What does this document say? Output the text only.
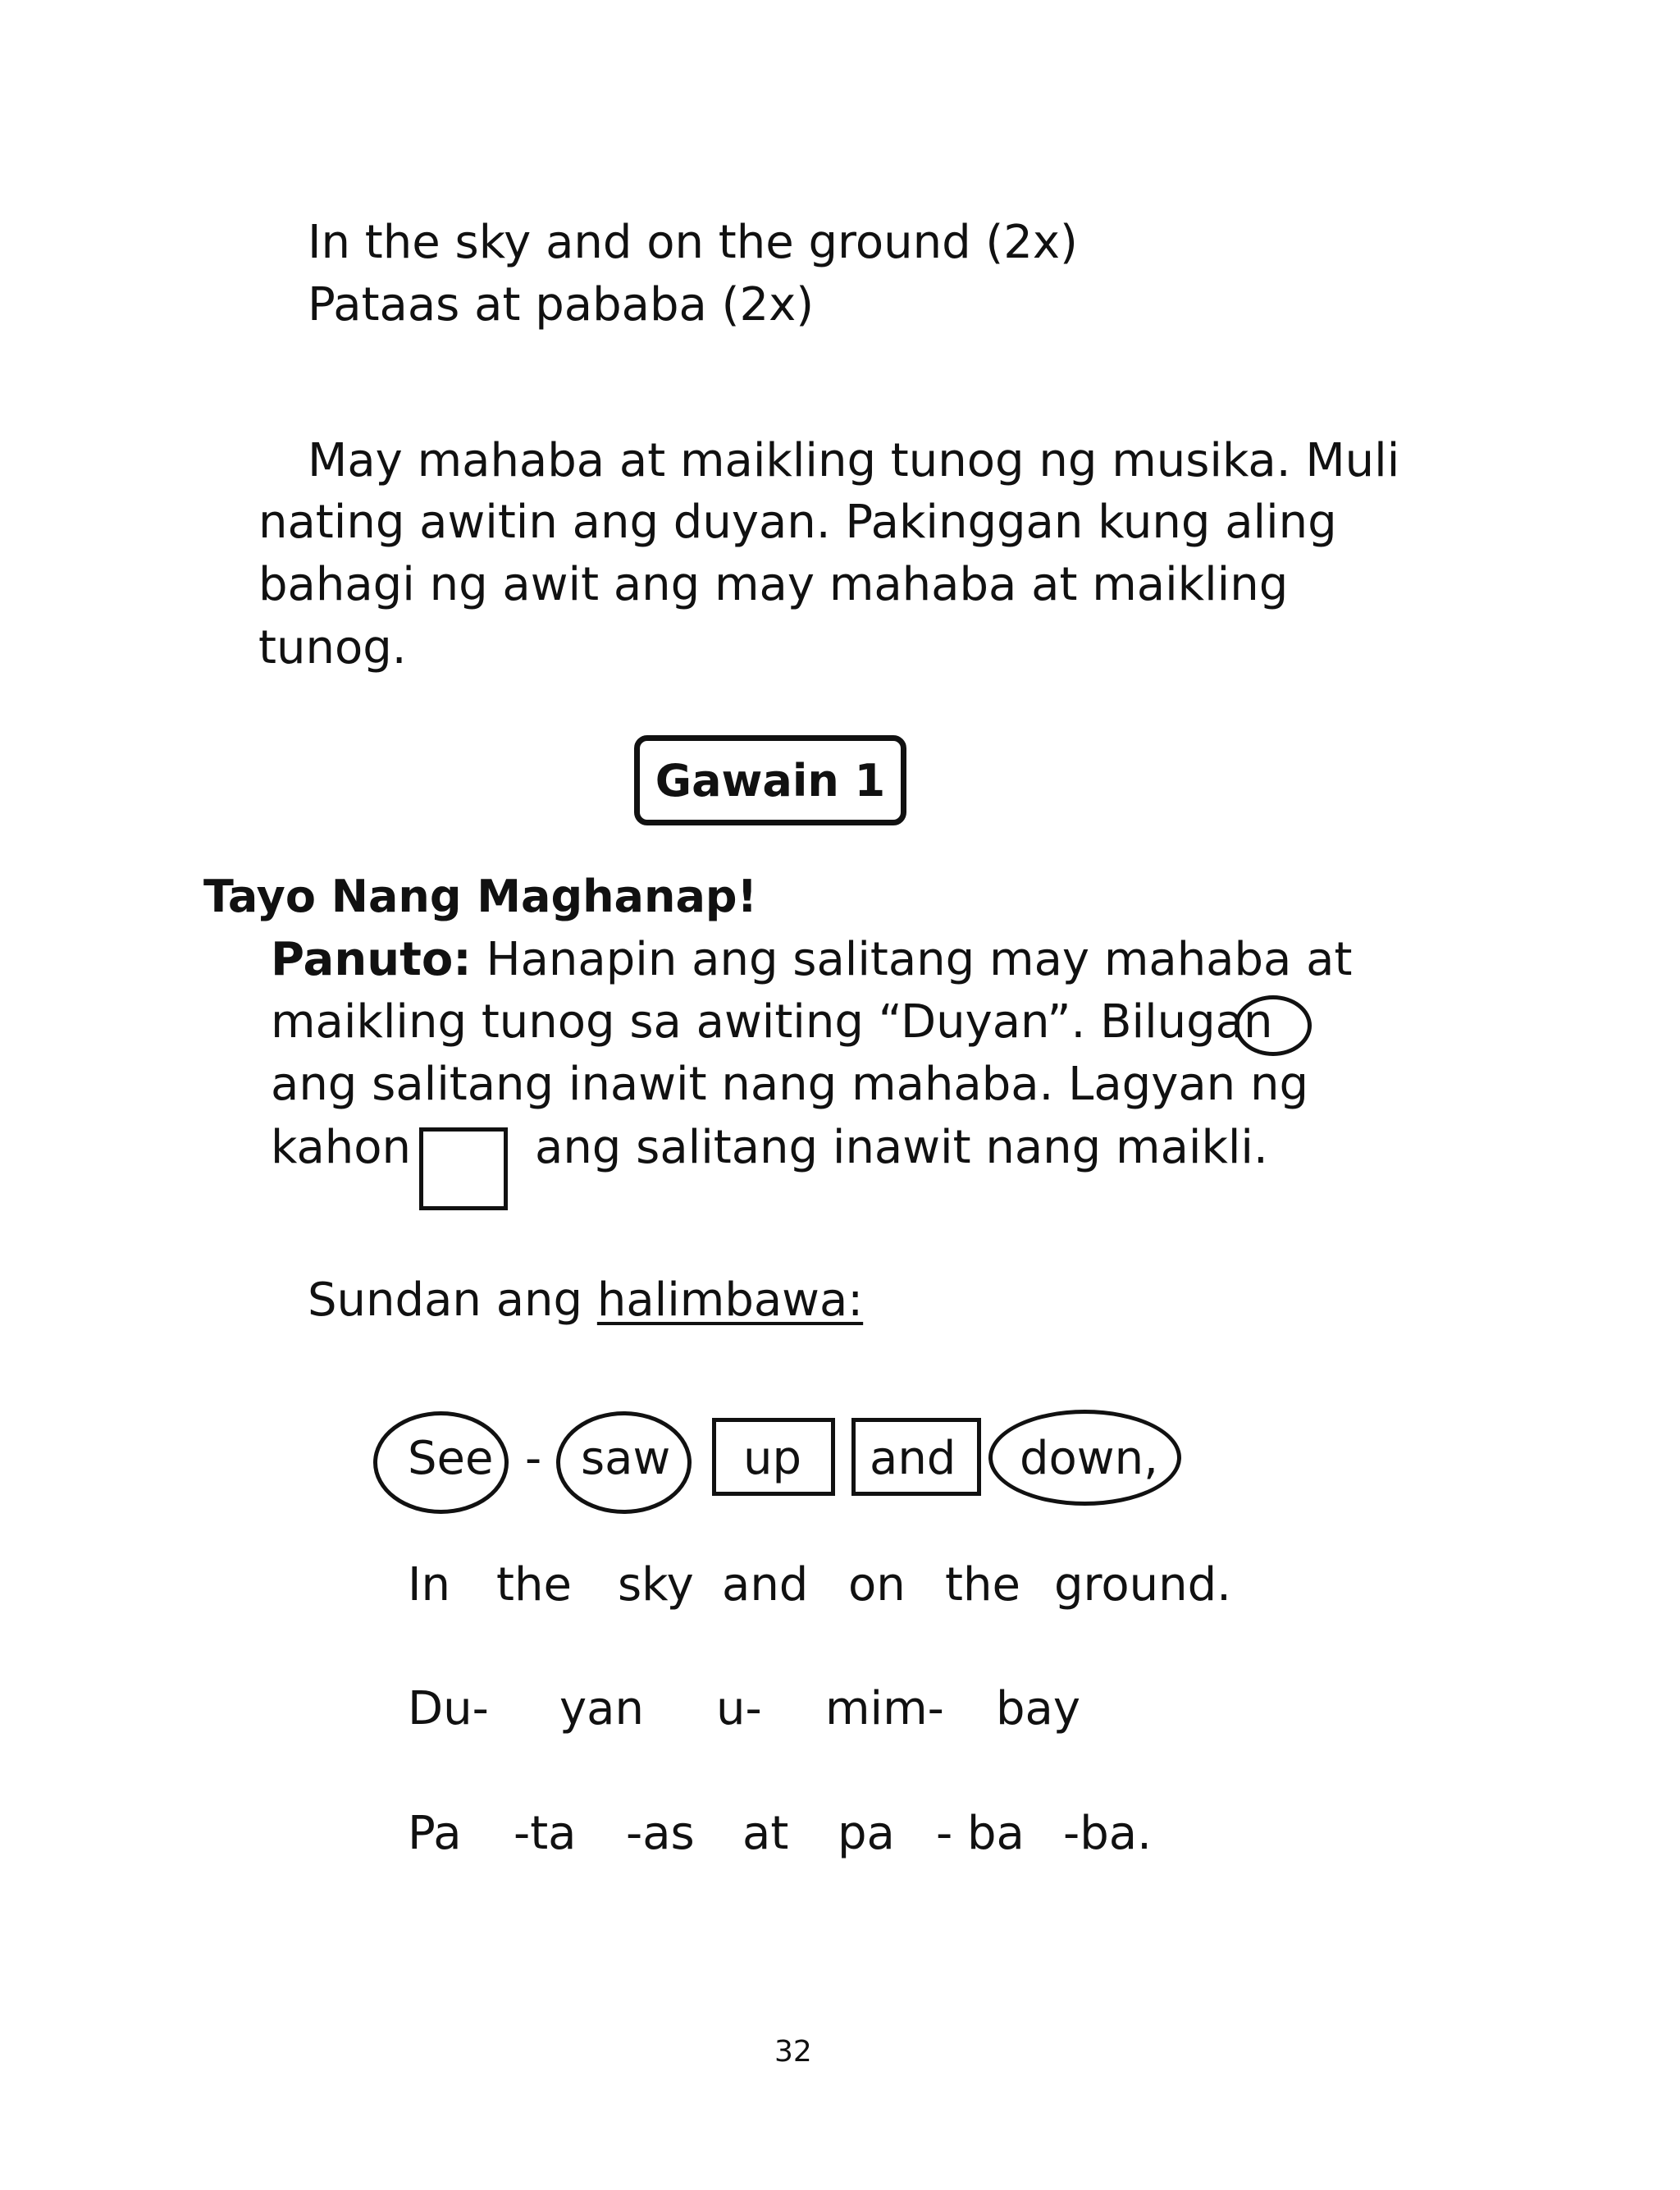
In the sky and on the ground (2x)
Pataas at pababa (2x)
May mahaba at maikling tunog ng musika. Muli
nating awitin ang duyan. Pakinggan kung aling
bahagi ng awit ang may mahaba at maikling
tunog.
Gawain 1
Tayo Nang Maghanap!
Panuto: Hanapin ang salitang may mahaba at
maikling tunog sa awiting “Duyan”. Bilugan
ang salitang inawit nang mahaba. Lagyan ng
kahon	ang salitang inawit nang maikli.
Sundan ang halimbawa:
See - saw up and down,
In the sky and on the ground.
Du- yan u- mim- bay
Pa -ta -as at pa - ba -ba.
32
